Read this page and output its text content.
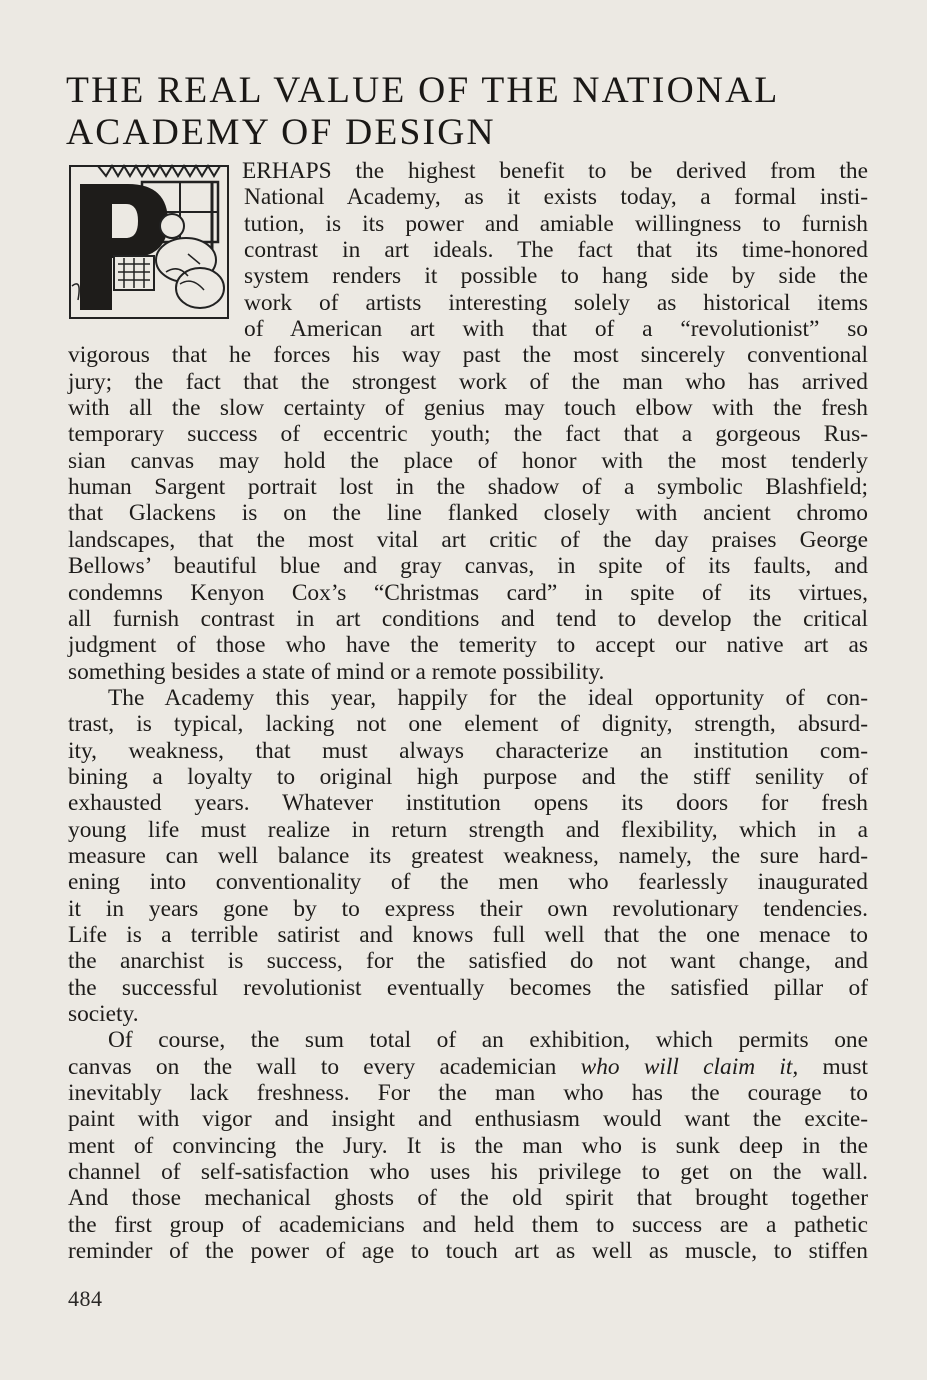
THE REAL VALUE OF THE NATIONAL
ACADEMY OF DESIGN
ERHAPS the highest benefit to be derived from the
National Academy, as it exists today, a formal insti-
tution, is its power and amiable willingness to furnish
contrast in art ideals. The fact that its time-honored
system renders it possible to hang side by side the
work of artists interesting solely as historical items
of American art with that of a “revolutionist” so
vigorous that he forces his way past the most sincerely conventional
jury; the fact that the strongest work of the man who has arrived
with all the slow certainty of genius may touch elbow with the fresh
temporary success of eccentric youth; the fact that a gorgeous Rus-
sian canvas may hold the place of honor with the most tenderly
human Sargent portrait lost in the shadow of a symbolic Blashfield;
that Glackens is on the line flanked closely with ancient chromo
landscapes, that the most vital art critic of the day praises George
Bellows’ beautiful blue and gray canvas, in spite of its faults, and
condemns Kenyon Cox’s “Christmas card” in spite of its virtues,
all furnish contrast in art conditions and tend to develop the critical
judgment of those who have the temerity to accept our native art as
something besides a state of mind or a remote possibility.
The Academy this year, happily for the ideal opportunity of con-
trast, is typical, lacking not one element of dignity, strength, absurd-
ity, weakness, that must always characterize an institution com-
bining a loyalty to original high purpose and the stiff senility of
exhausted years. Whatever institution opens its doors for fresh
young life must realize in return strength and flexibility, which in a
measure can well balance its greatest weakness, namely, the sure hard-
ening into conventionality of the men who fearlessly inaugurated
it in years gone by to express their own revolutionary tendencies.
Life is a terrible satirist and knows full well that the one menace to
the anarchist is success, for the satisfied do not want change, and
the successful revolutionist eventually becomes the satisfied pillar of
society.
Of course, the sum total of an exhibition, which permits one
canvas on the wall to every academician who will claim it, must
inevitably lack freshness. For the man who has the courage to
paint with vigor and insight and enthusiasm would want the excite-
ment of convincing the Jury. It is the man who is sunk deep in the
channel of self-satisfaction who uses his privilege to get on the wall.
And those mechanical ghosts of the old spirit that brought together
the first group of academicians and held them to success are a pathetic
reminder of the power of age to touch art as well as muscle, to stiffen
484
